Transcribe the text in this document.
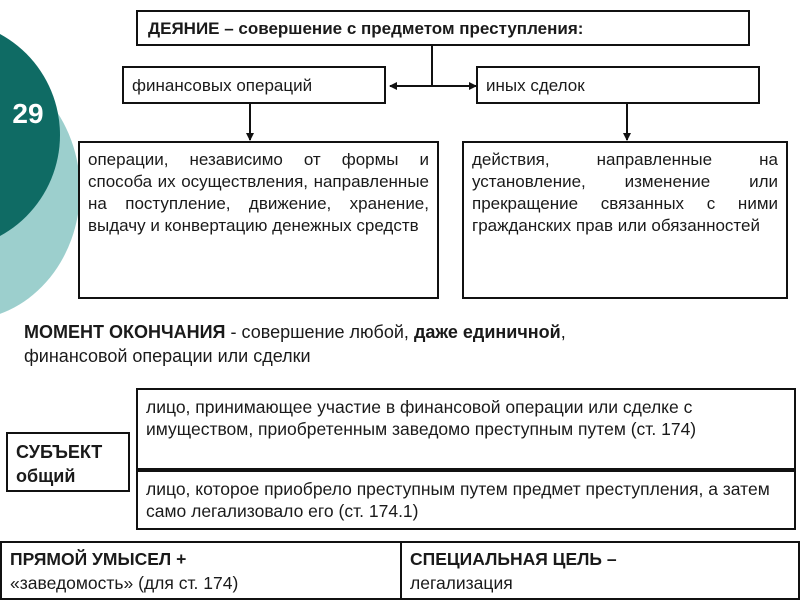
29
ДЕЯНИЕ – совершение с предметом преступления:
финансовых операций	иных сделок
операции, независимо от формы и способа их осуществления, направленные на поступление, движение, хранение, выдачу и конвертацию денежных средств
действия, направленные на установление, изменение или прекращение связанных с ними гражданских прав или обязанностей
МОМЕНТ ОКОНЧАНИЯ - совершение любой, даже единичной,
финансовой операции или сделки
СУБЪЕКТ
общий
лицо, принимающее участие в финансовой операции или сделке с имуществом, приобретенным заведомо преступным путем (ст. 174)
лицо, которое приобрело преступным путем предмет преступления, а затем само легализовало его (ст. 174.1)
ПРЯМОЙ УМЫСЕЛ +
«заведомость» (для ст. 174)
СПЕЦИАЛЬНАЯ ЦЕЛЬ –
легализация
